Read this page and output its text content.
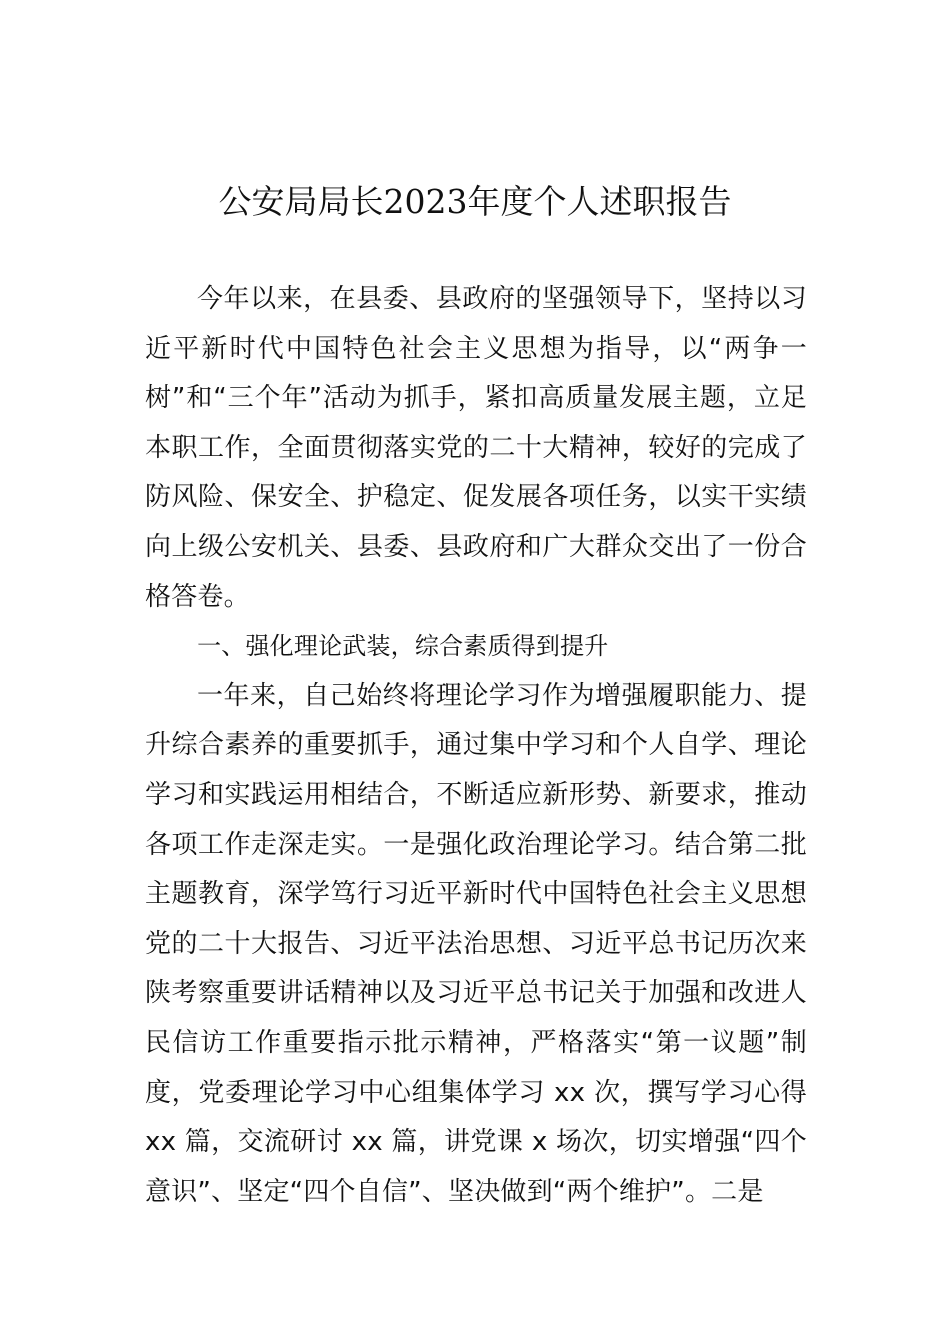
公安局局长2023年度个人述职报告

今年以来，在县委、县政府的坚强领导下，坚持以习近平新时代中国特色社会主义思想为指导，以“两争一树”和“三个年”活动为抓手，紧扣高质量发展主题，立足本职工作，全面贯彻落实党的二十大精神，较好的完成了防风险、保安全、护稳定、促发展各项任务，以实干实绩向上级公安机关、县委、县政府和广大群众交出了一份合格答卷。

一、强化理论武装，综合素质得到提升

一年来，自己始终将理论学习作为增强履职能力、提升综合素养的重要抓手，通过集中学习和个人自学、理论学习和实践运用相结合，不断适应新形势、新要求，推动各项工作走深走实。一是强化政治理论学习。结合第二批主题教育，深学笃行习近平新时代中国特色社会主义思想党的二十大报告、习近平法治思想、习近平总书记历次来陕考察重要讲话精神以及习近平总书记关于加强和改进人民信访工作重要指示批示精神，严格落实“第一议题”制度，党委理论学习中心组集体学习 xx 次，撰写学习心得 xx 篇，交流研讨 xx 篇，讲党课 x 场次，切实增强“四个意识”、坚定“四个自信”、坚决做到“两个维护”。二是
